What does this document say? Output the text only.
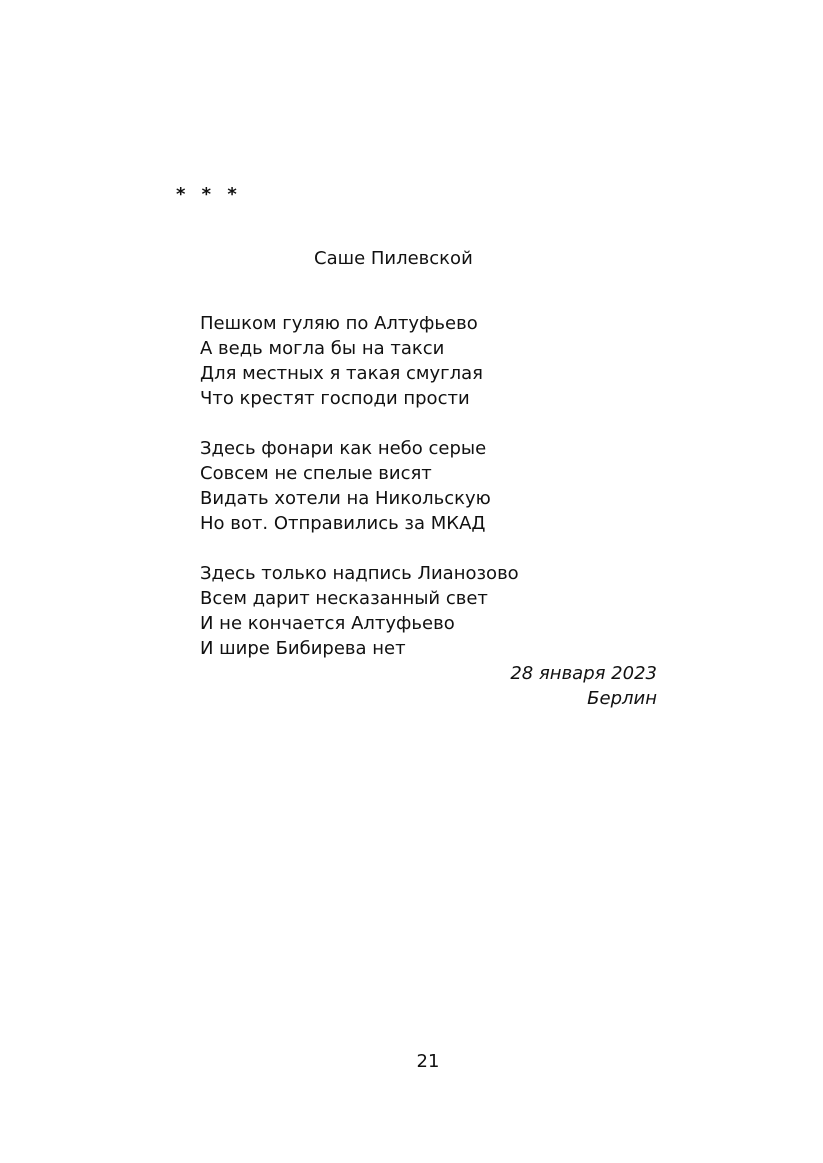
* * *
Саше Пилевской
Пешком гуляю по Алтуфьево
А ведь могла бы на такси
Для местных я такая смуглая
Что крестят господи прости
Здесь фонари как небо серые
Совсем не спелые висят
Видать хотели на Никольскую
Но вот. Отправились за МКАД
Здесь только надпись Лианозово
Всем дарит несказанный свет
И не кончается Алтуфьево
И шире Бибирева нет
28 января 2023
Берлин
21
